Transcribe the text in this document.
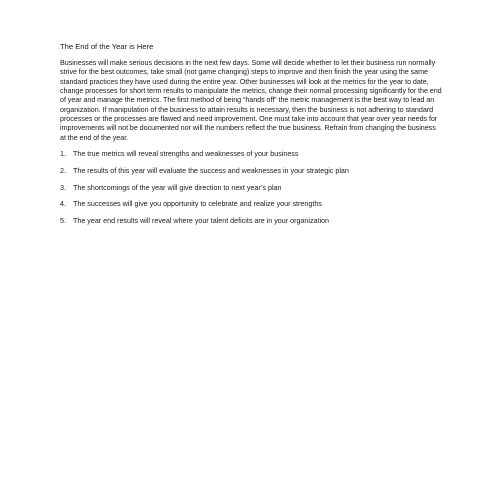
The End of the Year is Here

Businesses will make serious decisions in the next few days. Some will decide whether to let their business run normally strive for the best outcomes, take small (not game changing) steps to improve and then finish the year using the same standard practices they have used during the entire year. Other businesses will look at the metrics for the year to date, change processes for short term results to manipulate the metrics, change their normal processing significantly for the end of year and manage the metrics. The first method of being “hands off” the metric management is the best way to lead an organization. If manipulation of the business to attain results is necessary, then the business is not adhering to standard processes or the processes are flawed and need improvement. One must take into account that year over year needs for improvements will not be documented nor will the numbers reflect the true business. Refrain from changing the business at the end of the year.

1. The true metrics will reveal strengths and weaknesses of your business
2. The results of this year will evaluate the success and weaknesses in your strategic plan
3. The shortcomings of the year will give direction to next year’s plan
4. The successes will give you opportunity to celebrate and realize your strengths
5. The year end results will reveal where your talent deficits are in your organization
